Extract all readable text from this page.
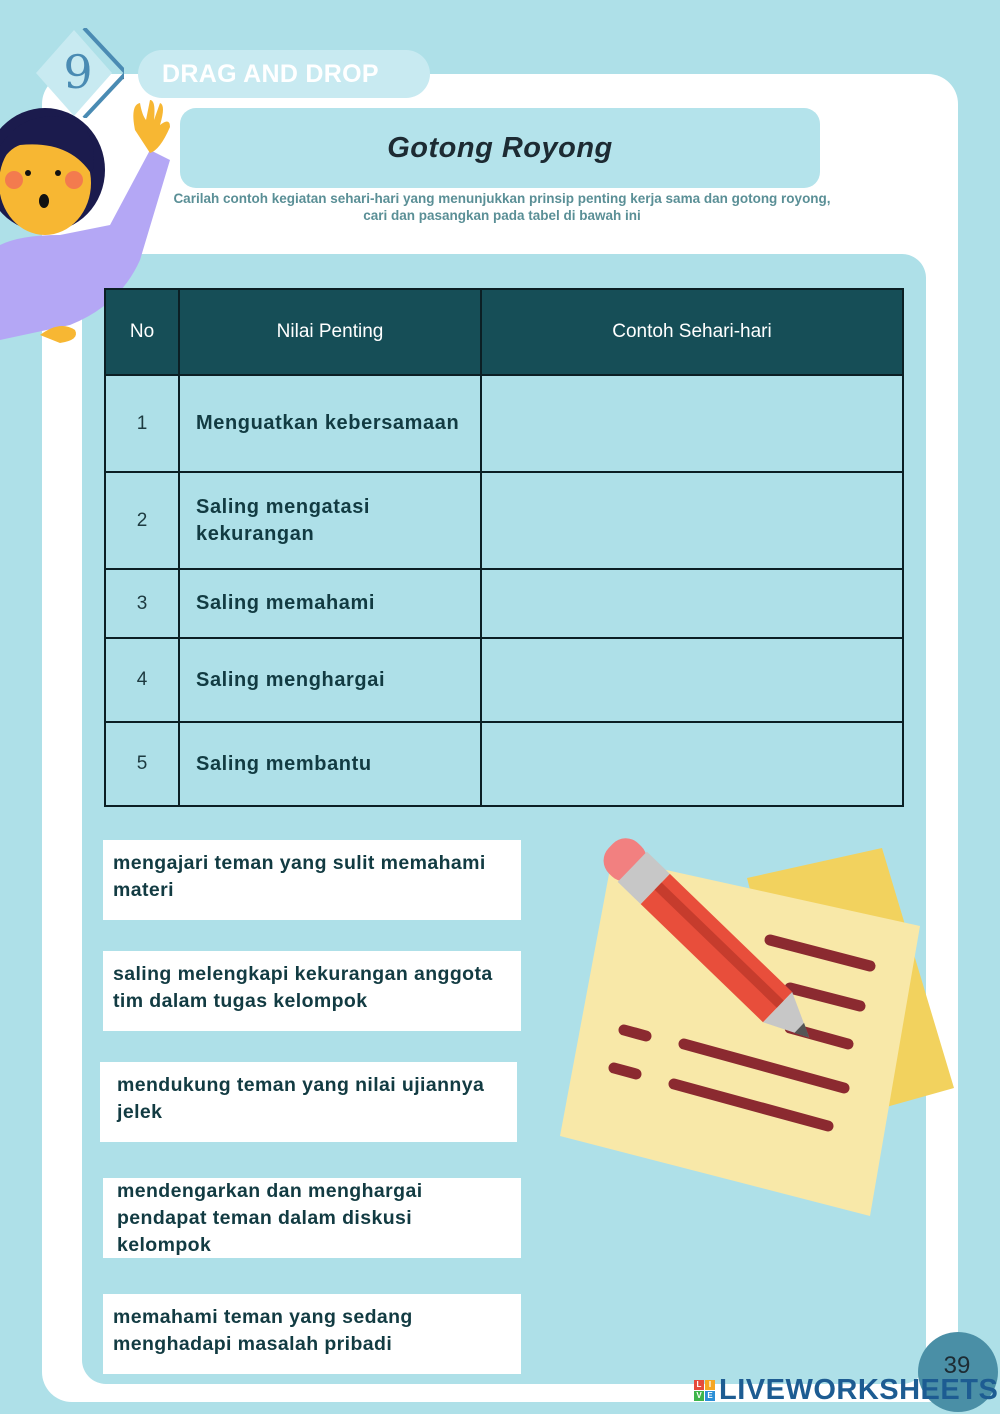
9	DRAG AND DROP
Gotong Royong
Carilah contoh kegiatan sehari-hari yang menunjukkan prinsip penting kerja sama dan gotong royong, cari dan pasangkan pada tabel di bawah ini
No	Nilai Penting	Contoh Sehari-hari
1	Menguatkan kebersamaan	

2	Saling mengatasi kekurangan	

3	Saling memahami	

4	Saling menghargai	

5	Saling membantu	
mengajari teman yang sulit memahami materi
saling melengkapi kekurangan anggota tim dalam tugas kelompok
mendukung teman yang nilai ujiannya jelek
mendengarkan dan menghargai pendapat teman dalam diskusi kelompok
memahami teman yang sedang menghadapi masalah pribadi
39
L I
V E LIVEWORKSHEETS
